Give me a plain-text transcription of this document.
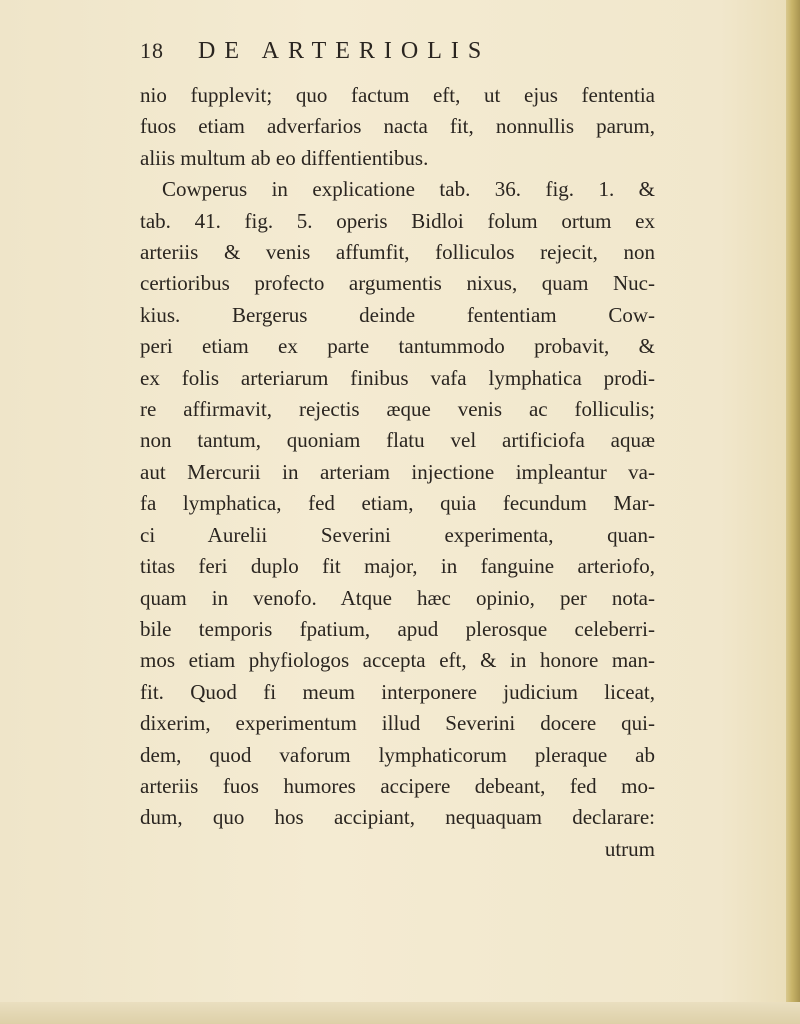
18 DE ARTERIOLIS
nio fupplevit; quo factum eft, ut ejus fententia
fuos etiam adverfarios nacta fit, nonnullis parum,
aliis multum ab eo diffentientibus.
Cowperus in explicatione tab. 36. fig. 1. &
tab. 41. fig. 5. operis Bidloi folum ortum ex
arteriis & venis affumfit, folliculos rejecit, non
certioribus profecto argumentis nixus, quam Nuc-
kius. Bergerus deinde fententiam Cow-
peri etiam ex parte tantummodo probavit, &
ex folis arteriarum finibus vafa lymphatica prodi-
re affirmavit, rejectis æque venis ac folliculis;
non tantum, quoniam flatu vel artificiofa aquæ
aut Mercurii in arteriam injectione impleantur va-
fa lymphatica, fed etiam, quia fecundum Mar-
ci Aurelii Severini experimenta, quan-
titas feri duplo fit major, in fanguine arteriofo,
quam in venofo. Atque hæc opinio, per nota-
bile temporis fpatium, apud plerosque celeberri-
mos etiam phyfiologos accepta eft, & in honore man-
fit. Quod fi meum interponere judicium liceat,
dixerim, experimentum illud Severini docere qui-
dem, quod vaforum lymphaticorum pleraque ab
arteriis fuos humores accipere debeant, fed mo-
dum, quo hos accipiant, nequaquam declarare:
utrum
